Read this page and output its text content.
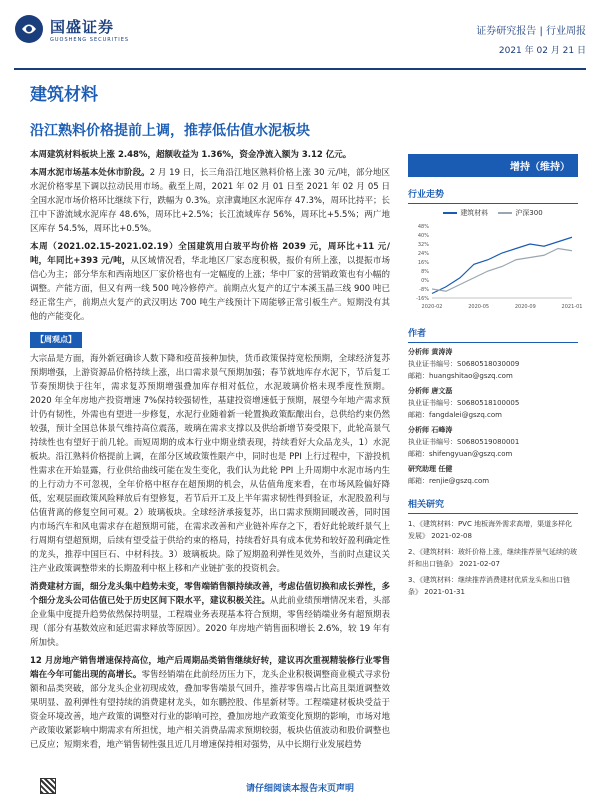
国盛证券
GUOSHENG SECURITIES
证券研究报告 | 行业周报
2021 年 02 月 21 日
建筑材料
沿江熟料价格提前上调，推荐低估值水泥板块

本周建筑材料板块上涨 2.48%，超额收益为 1.36%，资金净流入额为 3.12 亿元。

本周水泥市场基本处休市阶段。2 月 19 日，长三角沿江地区熟料价格上涨 30 元/吨，部分地区水泥价格零星下调以拉动民用市场。截至上周，2021 年 02 月 01 日至 2021 年 02 月 05 日全国水泥市场价格环比继续下行，跌幅为 0.3%。京津冀地区水泥库存 47.3%，周环比持平；长江中下游流域水泥库存 48.6%，周环比+2.5%；长江流域库存 56%，周环比+5.5%；两广地区库存 54.5%，周环比+0.5%。

本周（2021.02.15-2021.02.19）全国建筑用白玻平均价格 2039 元，周环比+11 元/吨，年同比+393 元/吨，从区域情况看，华北地区厂家态度积极，报价有所上涨，以提振市场信心为主；部分华东和西南地区厂家价格也有一定幅度的上涨；华中厂家的营销政策也有小幅的调整。产能方面，但又有两一线 500 吨冷修停产。前期点火复产的辽宁本溪玉晶三线 900 吨已经正常生产，前期点火复产的武汉明达 700 吨生产线预计下周能够正常引板生产。短期没有其他的产能变化。

【周观点】

大宗品是方面，海外新冠确诊人数下降和疫苗接种加快，货币政策保持宽松预期，全球经济复苏预期增强，上游资源品价格持续上涨，出口需求景气预期加强；春节就地库存水泥下，节后复工节奏预期快于往年，需求复苏预期增强叠加库存相对低位，水泥玻璃价格未现季度性预期。2020 年全年房地产投资增速 7%保持较强韧性，基建投资增速低于预期，展望今年地产需求预计仍有韧性，外需也有望进一步修复，水泥行业随着新一轮置换政策酝酿出台，总供给约束仍然较强，预计全国总体景气维持高位震荡，玻璃在需求支撑以及供给新增节奏受限下，此轮高景气持续性也有望好于前几轮。而短周期的成本行业中期业绩表现，持续看好大众品龙头，1）水泥板块。沿江熟料价格提前上调，在部分区域政策性限产中，同时也是 PPI 上行过程中，下游投机性需求在开始显露，行业供给曲线可能在发生变化，我们认为此轮 PPI 上升周期中水泥市场内生的上行动力不可忽视，全年价格中枢存在超预期的机会，从估值角度来看，在市场风险偏好降低，宏观层面政策风险释放后有望修复，若节后开工及上半年需求韧性得到验证，水泥股盈利与估值背离的修复空间可观。2）玻璃板块。全球经济承接复苏，出口需求预期回暖改善，同时国内市场汽车和风电需求存在超预期可能，在需求改善和产业链补库存之下，看好此轮玻纤景气上行周期有望超预期，后续有望受益于供给约束的格局，持续看好具有成本优势和较好盈利确定性的龙头，推荐中国巨石、中材科技。3）玻璃板块。除了短期盈利弹性见效外，当前时点建议关注产业政策调整带来的长期盈利中枢上移和产业链扩张的投资机会。

消费建材方面，细分龙头集中趋势未变，零售端销售额持续改善，考虑估值切换和成长弹性，多个细分龙头公司估值已处于历史区间下限水平，建议积极关注。从此前业绩预增情况来看，头部企业集中度提升趋势依然保持明显，工程端业务表现基本符合预期，零售经销端业务有超预期表现（部分有基数效应和延迟需求释放等原因）。2020 年房地产销售面积增长 2.6%，较 19 年有所加快。

12 月房地产销售增速保持高位，地产后周期品类销售继续好转，建议再次重视精装修行业零售端在今年可能出现的高增长。零售经销端在此前经历压力下，龙头企业积极调整商业模式寻求份额和品类突破，部分龙头企业初现成效，叠加零售端景气回升，推荐零售端占比高且渠道调整效果明显、盈利弹性有望持续的消费建材龙头，如东鹏控股、伟星新材等。工程端建材板块受益于资金环境改善，地产政策的调整对行业的影响可控，叠加房地产政策变化预期的影响，市场对地产政策收紧影响中期需求有所担忧，地产相关消费品需求预期较弱，板块估值波动和股价调整也已反应；短期来看，地产销售韧性强且近几月增速保持相对强势，从中长期行业发展趋势

增持（维持）
行业走势
建筑材料	沪深300
48%
40%
32%
24%
16%
8%
0%
-8%
-16%
2020-02	2020-05	2020-09	2021-01
作者
分析师 黄涛涛
执业证书编号：S0680518030009
邮箱：huangshitao@gszq.com
分析师 唐文磊
执业证书编号：S0680518100005
邮箱：fangdalei@gszq.com
分析师 石峰涛
执业证书编号：S0680519080001
邮箱：shifengyuan@gszq.com
研究助理 任健
邮箱：renjie@gszq.com
相关研究
1、《建筑材料：PVC 地板海外需求高增，渠道多样化发展》 2021-02-08
2、《建筑材料：玻纤价格上涨，继续推荐景气延续的玻纤和出口链条》 2021-02-07
3、《建筑材料：继续推荐消费建材优质龙头和出口链条》 2021-01-31
请仔细阅读本报告末页声明
